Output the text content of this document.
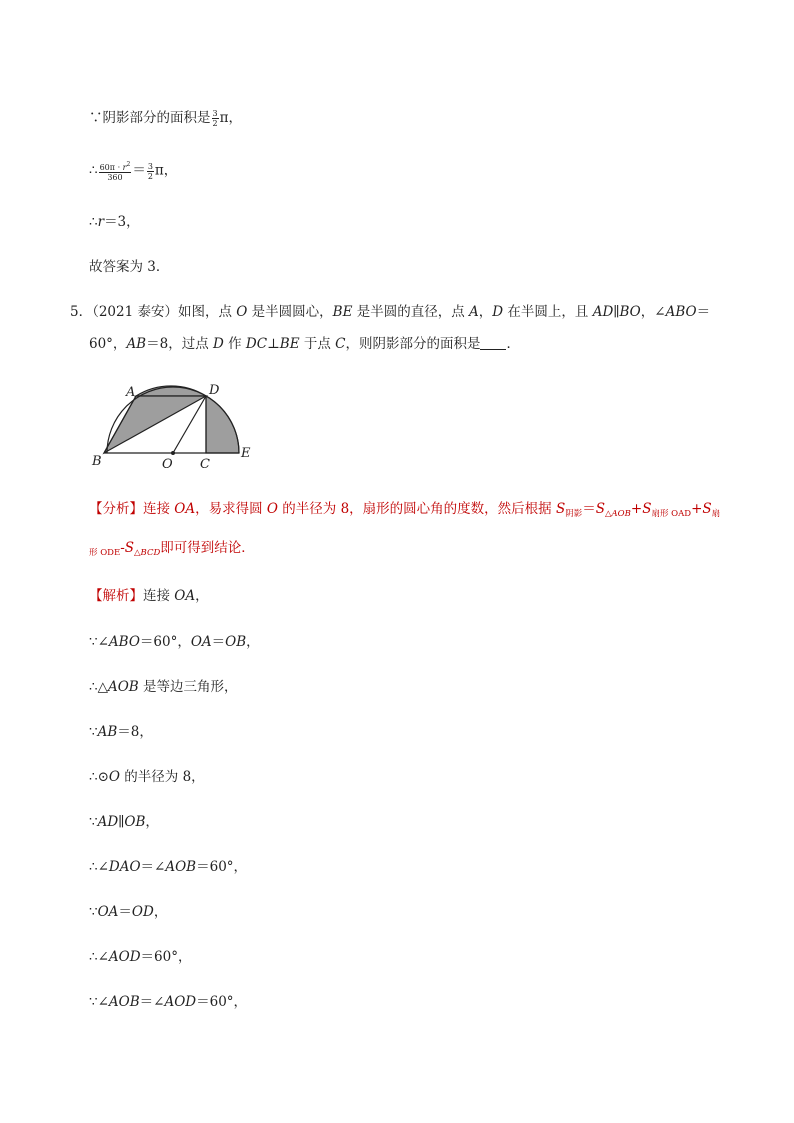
∵阴影部分的面积是 $\frac{3}{2}$ π，
∴ $\frac{60\pi \cdot r^2}{360} = \frac{3}{2}$ π，
∴r＝3，
故答案为 3．
5．（2021 泰安）如图，点 O 是半圆圆心，BE 是半圆的直径，点 A，D 在半圆上，且 AD∥BO，∠ABO＝
60°，AB＝8，过点 D 作 DC⊥BE 于点 C，则阴影部分的面积是 ．
A	D
B	O C
E
【分析】连接 OA，易求得圆 O 的半径为 8，扇形的圆心角的度数，然后根据 $S_{阴影}=S_{\triangle AOB}+S_{扇形 OAD}+S_扇$
$_{形 ODE}-S_{\triangle BCD}$即可得到结论．
【解析】连接 OA，
∵∠ABO＝60°，OA＝OB，
∴△AOB 是等边三角形，
∵AB＝8，
∴⊙O 的半径为 8，
∵AD∥OB，
∴∠DAO＝∠AOB＝60°，
∵OA＝OD，
∴∠AOD＝60°，
∵∠AOB＝∠AOD＝60°，
